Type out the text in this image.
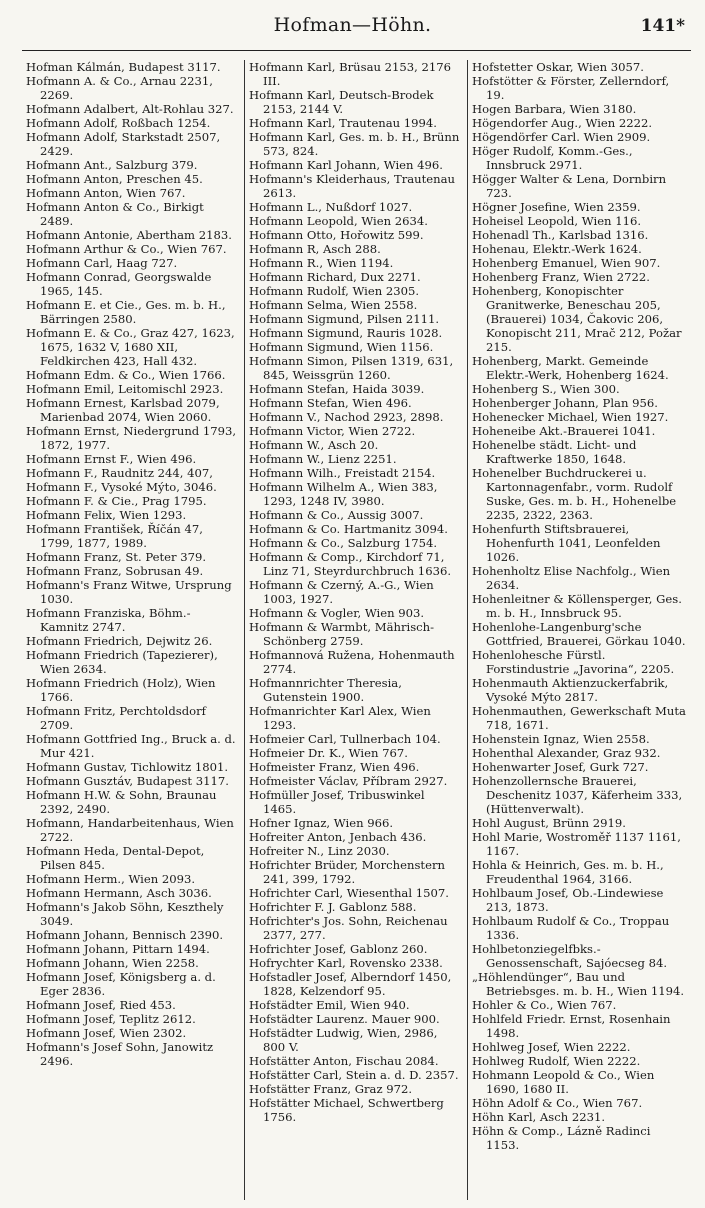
Hofman—Höhn.	141*

Hofman Kálmán, Budapest 3117.

Hofmann A. & Co., Arnau 2231, 2269.

Hofmann Adalbert, Alt-Rohlau 327.

Hofmann Adolf, Roßbach 1254.

Hofmann Adolf, Starkstadt 2507, 2429.

Hofmann Ant., Salzburg 379.

Hofmann Anton, Preschen 45.

Hofmann Anton, Wien 767.

Hofmann Anton & Co., Birkigt 2489.

Hofmann Antonie, Abertham 2183.

Hofmann Arthur & Co., Wien 767.

Hofmann Carl, Haag 727.

Hofmann Conrad, Georgswalde 1965, 145.

Hofmann E. et Cie., Ges. m. b. H., Bärringen 2580.

Hofmann E. & Co., Graz 427, 1623, 1675, 1632 V, 1680 XII, Feldkirchen 423, Hall 432.

Hofmann Edm. & Co., Wien 1766.

Hofmann Emil, Leitomischl 2923.

Hofmann Ernest, Karlsbad 2079, Marienbad 2074, Wien 2060.

Hofmann Ernst, Niedergrund 1793, 1872, 1977.

Hofmann Ernst F., Wien 496.

Hofmann F., Raudnitz 244, 407,

Hofmann F., Vysoké Mýto, 3046.

Hofmann F. & Cie., Prag 1795.

Hofmann Felix, Wien 1293.

Hofmann František, Říčán 47, 1799, 1877, 1989.

Hofmann Franz, St. Peter 379.

Hofmann Franz, Sobrusan 49.

Hofmann's Franz Witwe, Ursprung 1030.

Hofmann Franziska, Böhm.-Kamnitz 2747.

Hofmann Friedrich, Dejwitz 26.

Hofmann Friedrich (Tapezierer), Wien 2634.

Hofmann Friedrich (Holz), Wien 1766.

Hofmann Fritz, Perchtoldsdorf 2709.

Hofmann Gottfried Ing., Bruck a. d. Mur 421.

Hofmann Gustav, Tichlowitz 1801.

Hofmann Gusztáv, Budapest 3117.

Hofmann H.W. & Sohn, Braunau 2392, 2490.

Hofmann, Handarbeitenhaus, Wien 2722.

Hofmann Heda, Dental-Depot, Pilsen 845.

Hofmann Herm., Wien 2093.

Hofmann Hermann, Asch 3036.

Hofmann's Jakob Söhn, Keszthely 3049.

Hofmann Johann, Bennisch 2390.

Hofmann Johann, Pittarn 1494.

Hofmann Johann, Wien 2258.

Hofmann Josef, Königsberg a. d. Eger 2836.

Hofmann Josef, Ried 453.

Hofmann Josef, Teplitz 2612.

Hofmann Josef, Wien 2302.

Hofmann's Josef Sohn, Janowitz 2496.

Hofmann Karl, Brüsau 2153, 2176 III.

Hofmann Karl, Deutsch-Brodek 2153, 2144 V.

Hofmann Karl, Trautenau 1994.

Hofmann Karl, Ges. m. b. H., Brünn 573, 824.

Hofmann Karl Johann, Wien 496.

Hofmann's Kleiderhaus, Trautenau 2613.

Hofmann L., Nußdorf 1027.

Hofmann Leopold, Wien 2634.

Hofmann Otto, Hořowitz 599.

Hofmann R, Asch 288.

Hofmann R., Wien 1194.

Hofmann Richard, Dux 2271.

Hofmann Rudolf, Wien 2305.

Hofmann Selma, Wien 2558.

Hofmann Sigmund, Pilsen 2111.

Hofmann Sigmund, Rauris 1028.

Hofmann Sigmund, Wien 1156.

Hofmann Simon, Pilsen 1319, 631, 845, Weissgrün 1260.

Hofmann Stefan, Haida 3039.

Hofmann Stefan, Wien 496.

Hofmann V., Nachod 2923, 2898.

Hofmann Victor, Wien 2722.

Hofmann W., Asch 20.

Hofmann W., Lienz 2251.

Hofmann Wilh., Freistadt 2154.

Hofmann Wilhelm A., Wien 383, 1293, 1248 IV, 3980.

Hofmann & Co., Aussig 3007.

Hofmann & Co. Hartmanitz 3094.

Hofmann & Co., Salzburg 1754.

Hofmann & Comp., Kirchdorf 71, Linz 71, Steyrdurchbruch 1636.

Hofmann & Czerný, A.-G., Wien 1003, 1927.

Hofmann & Vogler, Wien 903.

Hofmann & Warmbt, Mährisch-Schönberg 2759.

Hofmannová Ružena, Hohenmauth 2774.

Hofmannrichter Theresia, Gutenstein 1900.

Hofmanrichter Karl Alex, Wien 1293.

Hofmeier Carl, Tullnerbach 104.

Hofmeier Dr. K., Wien 767.

Hofmeister Franz, Wien 496.

Hofmeister Václav, Příbram 2927.

Hofmüller Josef, Tribuswinkel 1465.

Hofner Ignaz, Wien 966.

Hofreiter Anton, Jenbach 436.

Hofreiter N., Linz 2030.

Hofrichter Brüder, Morchenstern 241, 399, 1792.

Hofrichter Carl, Wiesenthal 1507.

Hofrichter F. J. Gablonz 588.

Hofrichter's Jos. Sohn, Reichenau 2377, 277.

Hofrichter Josef, Gablonz 260.

Hofrychter Karl, Rovensko 2338.

Hofstadler Josef, Alberndorf 1450, 1828, Kelzendorf 95.

Hofstädter Emil, Wien 940.

Hofstädter Laurenz. Mauer 900.

Hofstädter Ludwig, Wien, 2986, 800 V.

Hofstätter Anton, Fischau 2084.

Hofstätter Carl, Stein a. d. D. 2357.

Hofstätter Franz, Graz 972.

Hofstätter Michael, Schwertberg 1756.

Hofstetter Oskar, Wien 3057.

Hofstötter & Förster, Zellerndorf, 19.

Hogen Barbara, Wien 3180.

Högendorfer Aug., Wien 2222.

Högendörfer Carl. Wien 2909.

Höger Rudolf, Komm.-Ges., Innsbruck 2971.

Högger Walter & Lena, Dornbirn 723.

Högner Josefine, Wien 2359.

Hoheisel Leopold, Wien 116.

Hohenadl Th., Karlsbad 1316.

Hohenau, Elektr.-Werk 1624.

Hohenberg Emanuel, Wien 907.

Hohenberg Franz, Wien 2722.

Hohenberg, Konopischter Granitwerke, Beneschau 205, (Brauerei) 1034, Čakovic 206, Konopischt 211, Mrač 212, Požar 215.

Hohenberg, Markt. Gemeinde Elektr.-Werk, Hohenberg 1624.

Hohenberg S., Wien 300.

Hohenberger Johann, Plan 956.

Hohenecker Michael, Wien 1927.

Hoheneibe Akt.-Brauerei 1041.

Hohenelbe städt. Licht- und Kraftwerke 1850, 1648.

Hohenelber Buchdruckerei u. Kartonnagenfabr., vorm. Rudolf Suske, Ges. m. b. H., Hohenelbe 2235, 2322, 2363.

Hohenfurth Stiftsbrauerei, Hohenfurth 1041, Leonfelden 1026.

Hohenholtz Elise Nachfolg., Wien 2634.

Hohenleitner & Köllensperger, Ges. m. b. H., Innsbruck 95.

Hohenlohe-Langenburg'sche Gottfried, Brauerei, Görkau 1040.

Hohenlohesche Fürstl. Forstindustrie „Javorina“, 2205.

Hohenmauth Aktienzuckerfabrik, Vysoké Mýto 2817.

Hohenmauthen, Gewerkschaft Muta 718, 1671.

Hohenstein Ignaz, Wien 2558.

Hohenthal Alexander, Graz 932.

Hohenwarter Josef, Gurk 727.

Hohenzollernsche Brauerei, Deschenitz 1037, Käferheim 333, (Hüttenverwalt).

Hohl August, Brünn 2919.

Hohl Marie, Wostroměř 1137 1161, 1167.

Hohla & Heinrich, Ges. m. b. H., Freudenthal 1964, 3166.

Hohlbaum Josef, Ob.-Lindewiese 213, 1873.

Hohlbaum Rudolf & Co., Troppau 1336.

Hohlbetonziegelfbks.-Genossenschaft, Sajóecseg 84.

„Höhlendünger“, Bau und Betriebsges. m. b. H., Wien 1194.

Hohler & Co., Wien 767.

Hohlfeld Friedr. Ernst, Rosenhain 1498.

Hohlweg Josef, Wien 2222.

Hohlweg Rudolf, Wien 2222.

Hohmann Leopold & Co., Wien 1690, 1680 II.

Höhn Adolf & Co., Wien 767.

Höhn Karl, Asch 2231.

Höhn & Comp., Lázně Radinci 1153.
